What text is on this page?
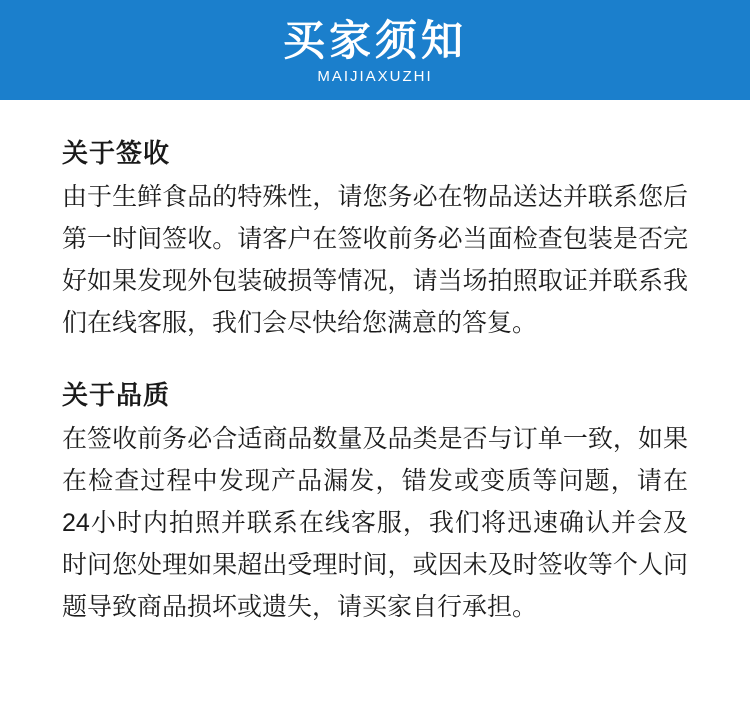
买家须知
MAIJIAXUZHI
关于签收
由于生鲜食品的特殊性，请您务必在物品送达并联系您后第一时间签收。请客户在签收前务必当面检查包装是否完好如果发现外包装破损等情况，请当场拍照取证并联系我们在线客服，我们会尽快给您满意的答复。
关于品质
在签收前务必合适商品数量及品类是否与订单一致，如果在检查过程中发现产品漏发，错发或变质等问题，请在24小时内拍照并联系在线客服，我们将迅速确认并会及时问您处理如果超出受理时间，或因未及时签收等个人问题导致商品损坏或遗失，请买家自行承担。
